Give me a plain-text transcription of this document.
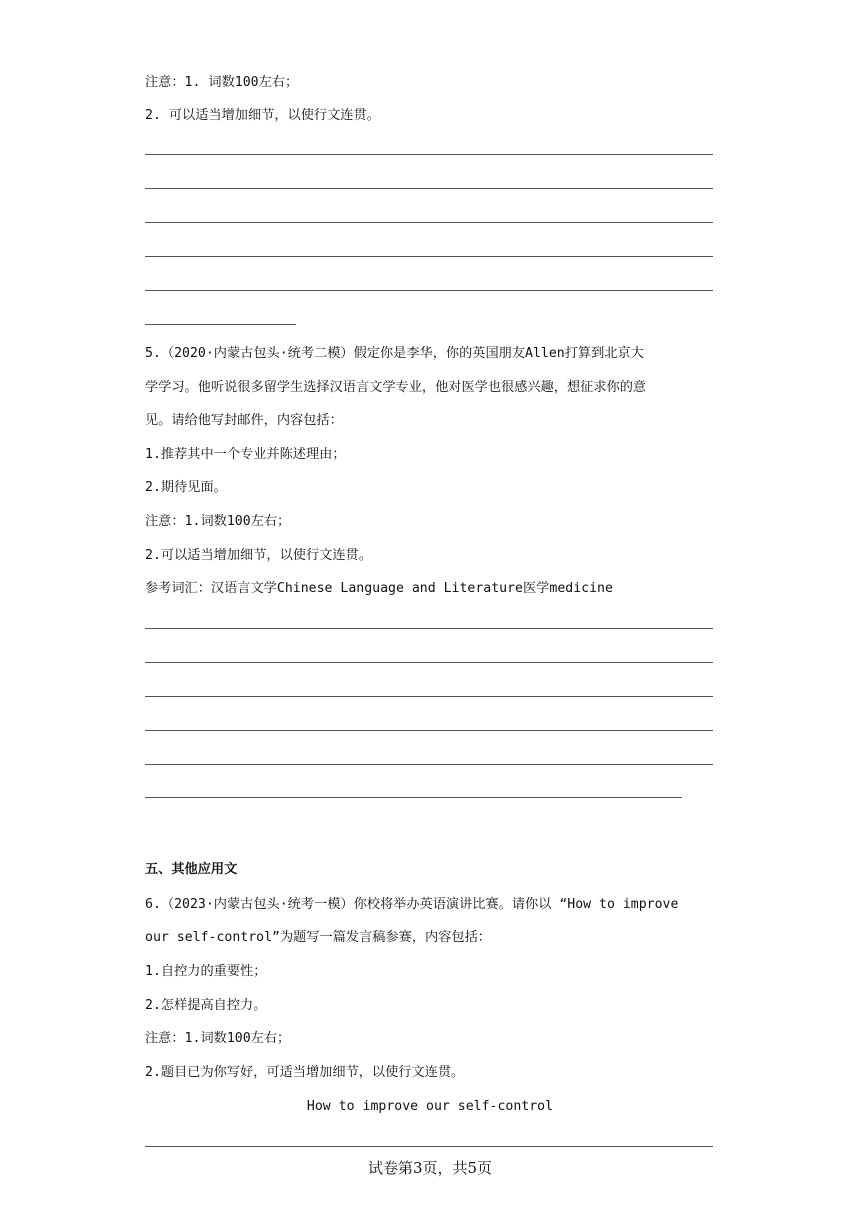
注意：1. 词数100左右；
2. 可以适当增加细节，以使行文连贯。
5.（2020·内蒙古包头·统考二模）假定你是李华，你的英国朋友Allen打算到北京大
学学习。他听说很多留学生选择汉语言文学专业，他对医学也很感兴趣，想征求你的意
见。请给他写封邮件，内容包括：
1.推荐其中一个专业并陈述理由；
2.期待见面。
注意：1.词数100左右；
2.可以适当增加细节，以使行文连贯。
参考词汇：汉语言文学Chinese Language and Literature医学medicine
五、其他应用文
6.（2023·内蒙古包头·统考一模）你校将举办英语演讲比赛。请你以 “How to improve
our self-control”为题写一篇发言稿参赛，内容包括：
1.自控力的重要性；
2.怎样提高自控力。
注意：1.词数100左右；
2.题目已为你写好，可适当增加细节，以使行文连贯。
How to improve our self-control
试卷第3页，共5页
